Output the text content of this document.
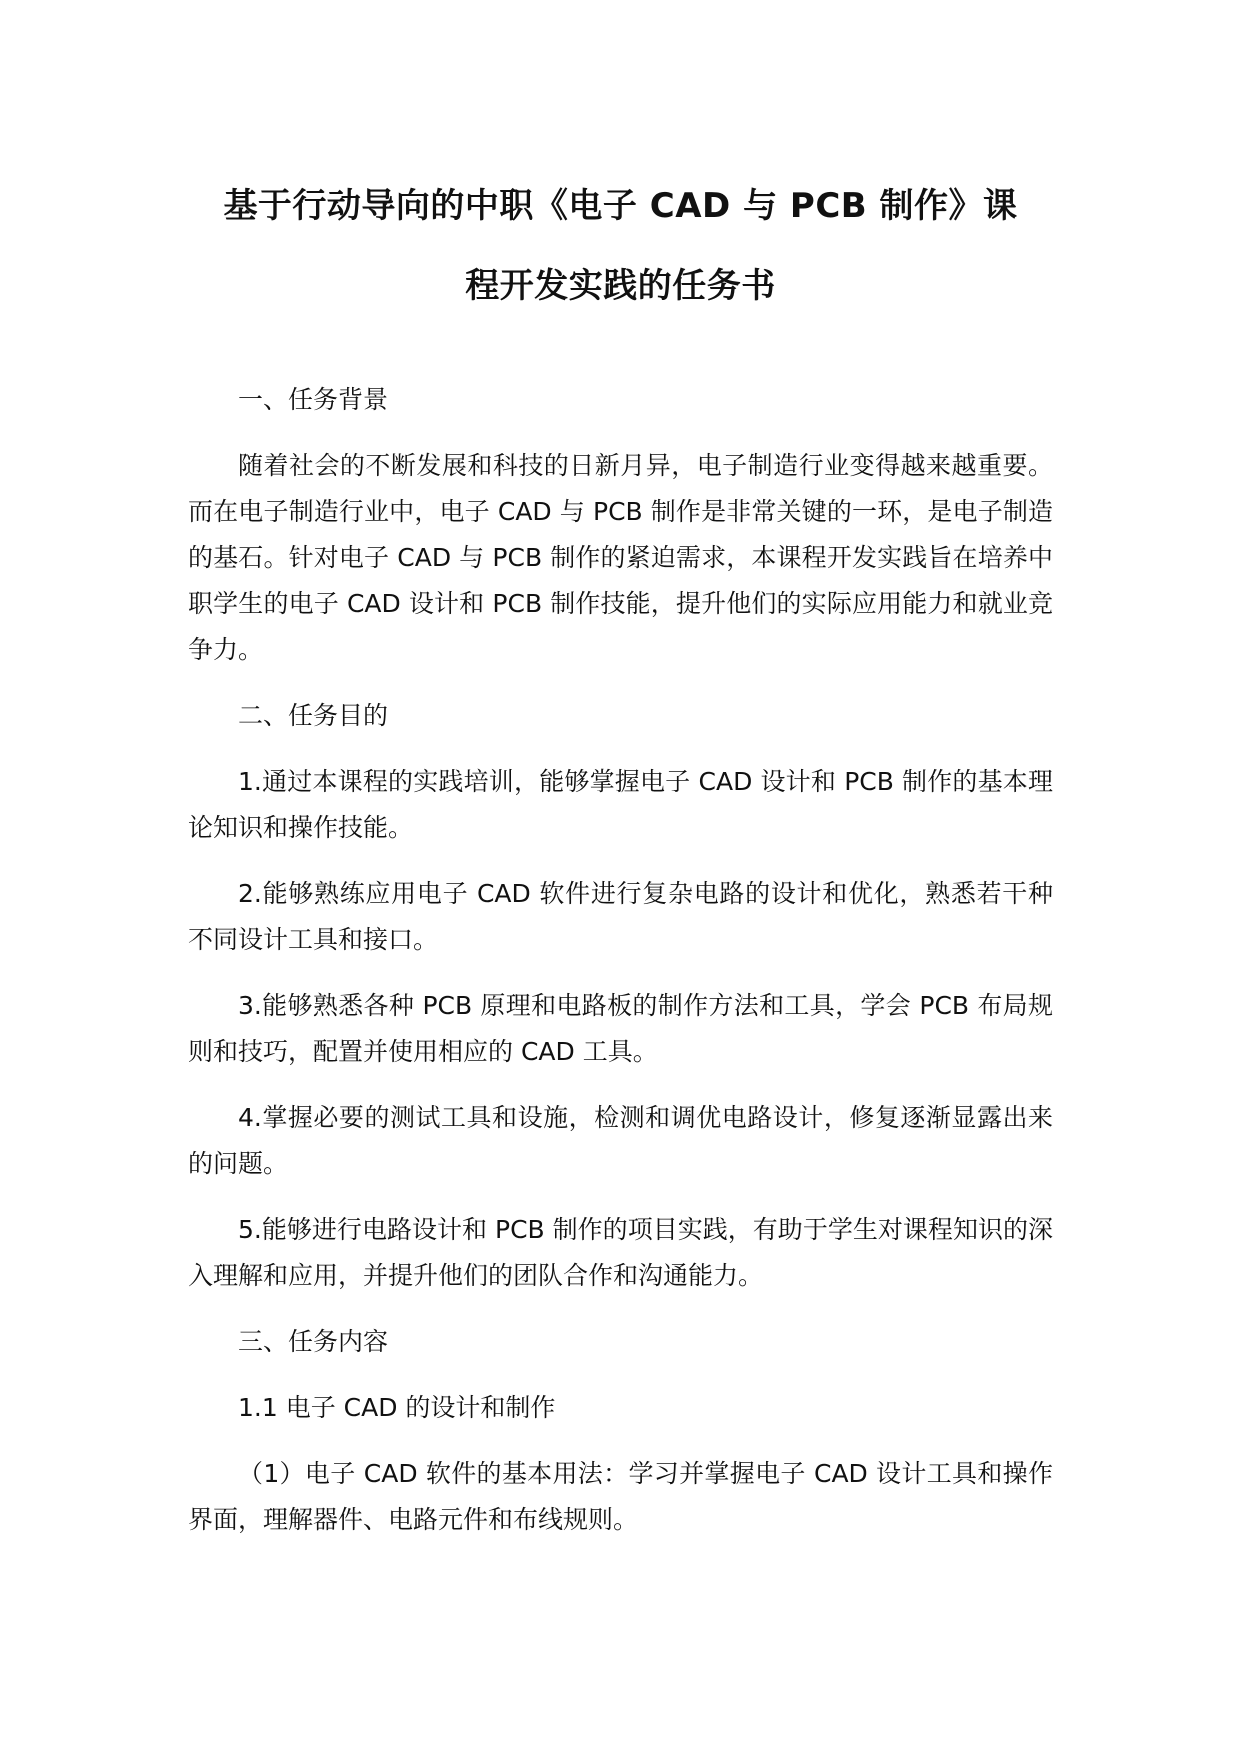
基于行动导向的中职《电子 CAD 与 PCB 制作》课
程开发实践的任务书

一、任务背景

随着社会的不断发展和科技的日新月异，电子制造行业变得越来越重要。而在电子制造行业中，电子 CAD 与 PCB 制作是非常关键的一环，是电子制造的基石。针对电子 CAD 与 PCB 制作的紧迫需求，本课程开发实践旨在培养中职学生的电子 CAD 设计和 PCB 制作技能，提升他们的实际应用能力和就业竞争力。

二、任务目的

1.通过本课程的实践培训，能够掌握电子 CAD 设计和 PCB 制作的基本理论知识和操作技能。

2.能够熟练应用电子 CAD 软件进行复杂电路的设计和优化，熟悉若干种不同设计工具和接口。

3.能够熟悉各种 PCB 原理和电路板的制作方法和工具，学会 PCB 布局规则和技巧，配置并使用相应的 CAD 工具。

4.掌握必要的测试工具和设施，检测和调优电路设计，修复逐渐显露出来的问题。

5.能够进行电路设计和 PCB 制作的项目实践，有助于学生对课程知识的深入理解和应用，并提升他们的团队合作和沟通能力。

三、任务内容

1.1 电子 CAD 的设计和制作

（1）电子 CAD 软件的基本用法：学习并掌握电子 CAD 设计工具和操作界面，理解器件、电路元件和布线规则。
